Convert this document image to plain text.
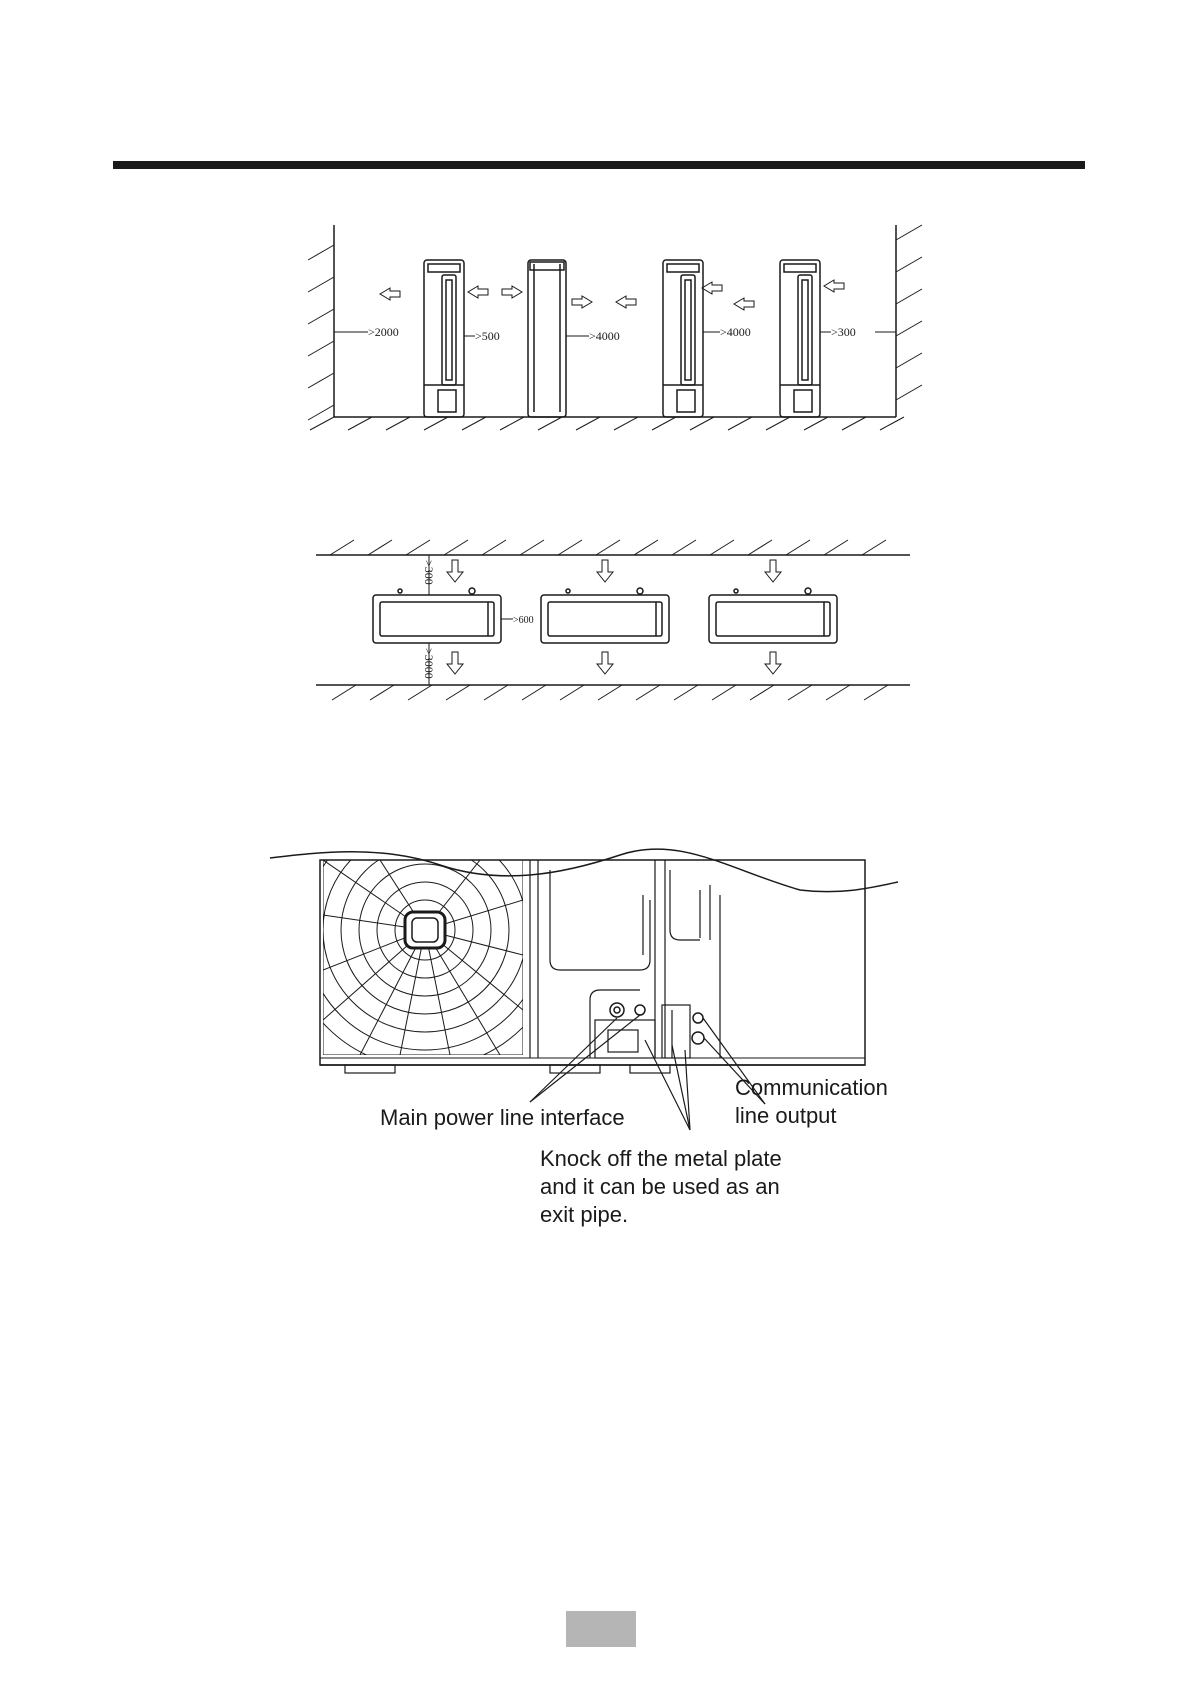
>2000	>500	>4000	>4000	>300
>300
>3000
>600
Main power line interface
Communication
line output
Knock off the metal plate
and it can be used as an
exit pipe.
